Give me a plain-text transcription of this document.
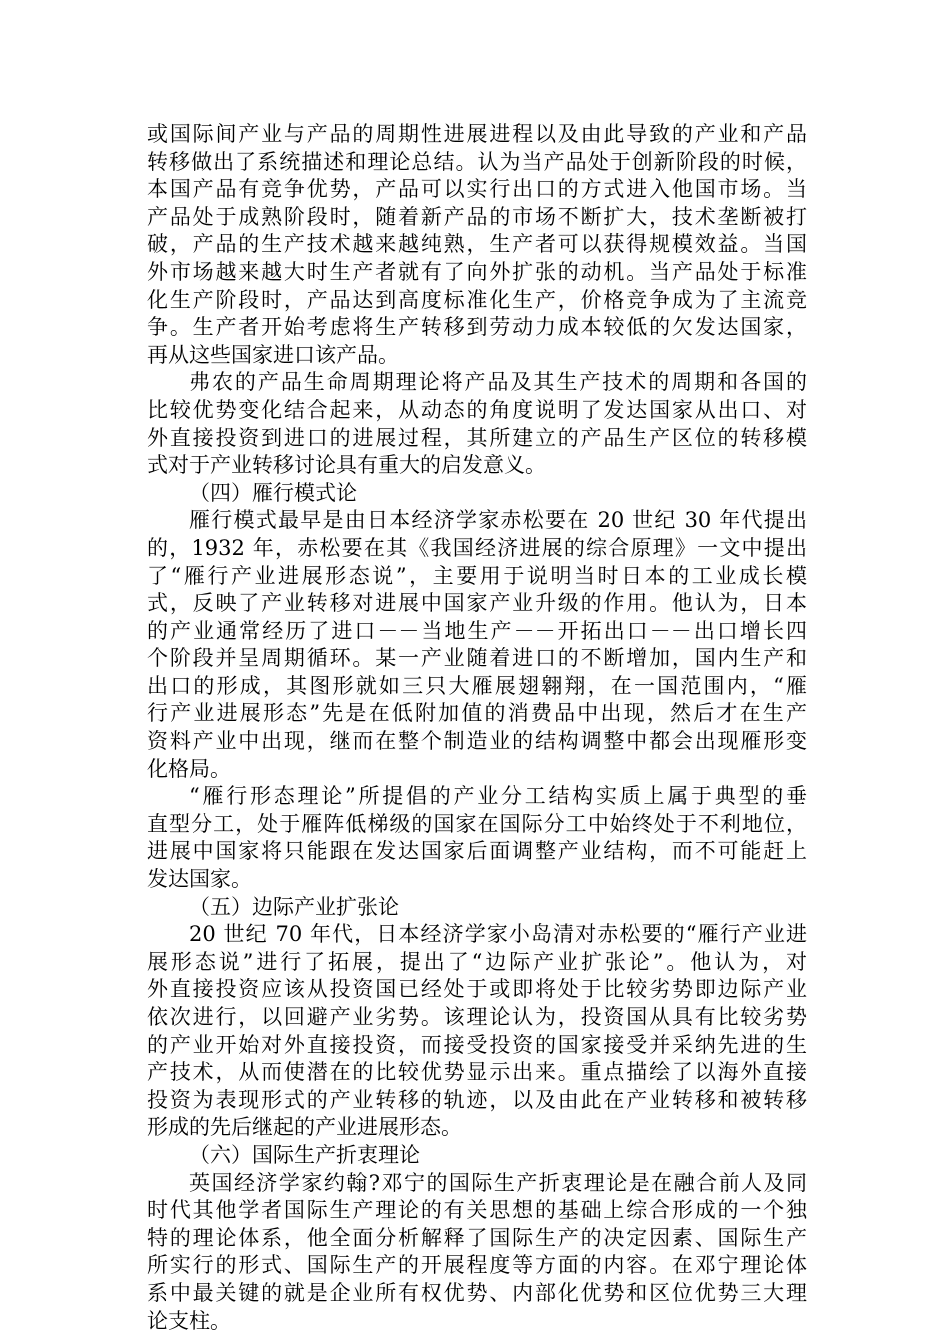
或国际间产业与产品的周期性进展进程以及由此导致的产业和产品
转移做出了系统描述和理论总结。认为当产品处于创新阶段的时候，
本国产品有竞争优势，产品可以实行出口的方式进入他国市场。当
产品处于成熟阶段时，随着新产品的市场不断扩大，技术垄断被打
破，产品的生产技术越来越纯熟，生产者可以获得规模效益。当国
外市场越来越大时生产者就有了向外扩张的动机。当产品处于标准
化生产阶段时，产品达到高度标准化生产，价格竞争成为了主流竞
争。生产者开始考虑将生产转移到劳动力成本较低的欠发达国家，
再从这些国家进口该产品。
弗农的产品生命周期理论将产品及其生产技术的周期和各国的
比较优势变化结合起来，从动态的角度说明了发达国家从出口、对
外直接投资到进口的进展过程，其所建立的产品生产区位的转移模
式对于产业转移讨论具有重大的启发意义。
（四）雁行模式论
雁行模式最早是由日本经济学家赤松要在 20 世纪 30 年代提出
的，1932 年，赤松要在其《我国经济进展的综合原理》一文中提出
了“雁行产业进展形态说”，主要用于说明当时日本的工业成长模
式，反映了产业转移对进展中国家产业升级的作用。他认为，日本
的产业通常经历了进口－－当地生产－－开拓出口－－出口增长四
个阶段并呈周期循环。某一产业随着进口的不断增加，国内生产和
出口的形成，其图形就如三只大雁展翅翱翔，在一国范围内，“雁
行产业进展形态”先是在低附加值的消费品中出现，然后才在生产
资料产业中出现，继而在整个制造业的结构调整中都会出现雁形变
化格局。
“雁行形态理论”所提倡的产业分工结构实质上属于典型的垂
直型分工，处于雁阵低梯级的国家在国际分工中始终处于不利地位，
进展中国家将只能跟在发达国家后面调整产业结构，而不可能赶上
发达国家。
（五）边际产业扩张论
20 世纪 70 年代，日本经济学家小岛清对赤松要的“雁行产业进
展形态说”进行了拓展，提出了“边际产业扩张论”。他认为，对
外直接投资应该从投资国已经处于或即将处于比较劣势即边际产业
依次进行，以回避产业劣势。该理论认为，投资国从具有比较劣势
的产业开始对外直接投资，而接受投资的国家接受并采纳先进的生
产技术，从而使潜在的比较优势显示出来。重点描绘了以海外直接
投资为表现形式的产业转移的轨迹，以及由此在产业转移和被转移
形成的先后继起的产业进展形态。
（六）国际生产折衷理论
英国经济学家约翰?邓宁的国际生产折衷理论是在融合前人及同
时代其他学者国际生产理论的有关思想的基础上综合形成的一个独
特的理论体系，他全面分析解释了国际生产的决定因素、国际生产
所实行的形式、国际生产的开展程度等方面的内容。在邓宁理论体
系中最关键的就是企业所有权优势、内部化优势和区位优势三大理
论支柱。
